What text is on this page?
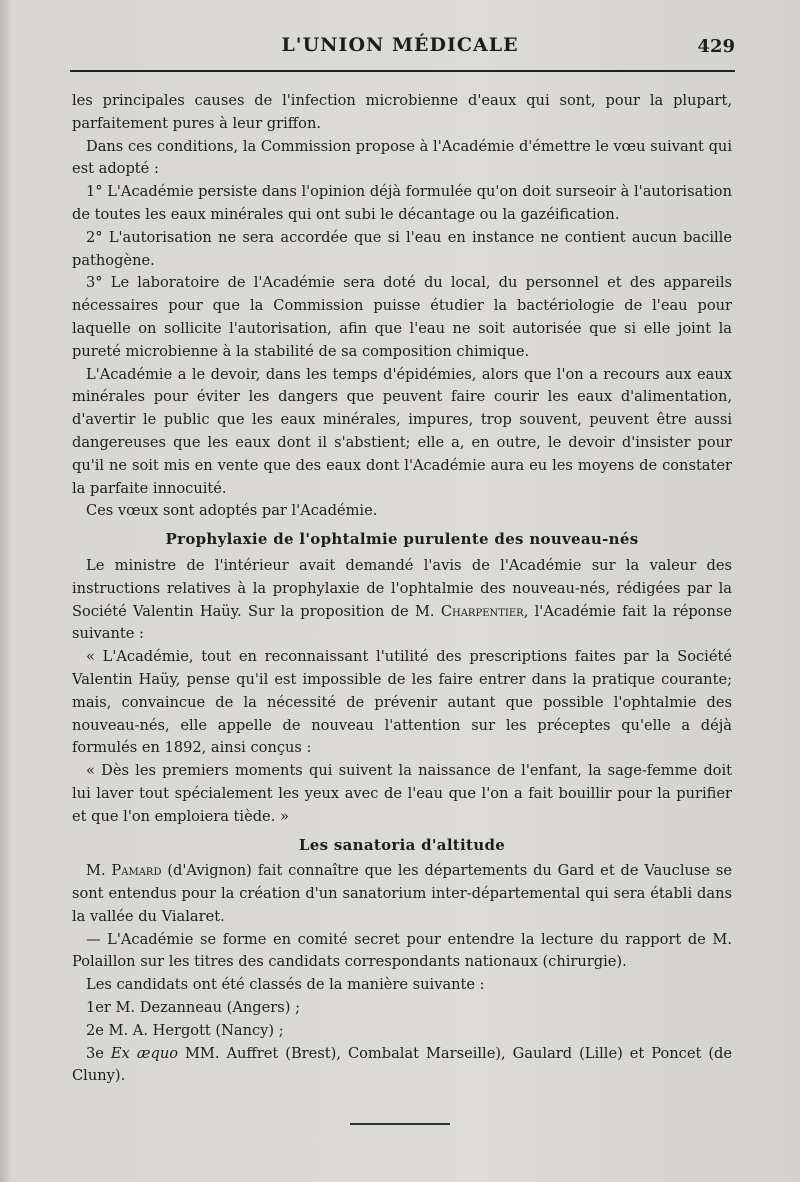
L'UNION MÉDICALE	429

les principales causes de l'infection microbienne d'eaux qui sont, pour la plupart, parfaitement pures à leur griffon.

Dans ces conditions, la Commission propose à l'Académie d'émettre le vœu suivant qui est adopté :

1° L'Académie persiste dans l'opinion déjà formulée qu'on doit surseoir à l'autorisation de toutes les eaux minérales qui ont subi le décantage ou la gazéification.

2° L'autorisation ne sera accordée que si l'eau en instance ne contient aucun bacille pathogène.

3° Le laboratoire de l'Académie sera doté du local, du personnel et des appareils nécessaires pour que la Commission puisse étudier la bactériologie de l'eau pour laquelle on sollicite l'autorisation, afin que l'eau ne soit autorisée que si elle joint la pureté microbienne à la stabilité de sa composition chimique.

L'Académie a le devoir, dans les temps d'épidémies, alors que l'on a recours aux eaux minérales pour éviter les dangers que peuvent faire courir les eaux d'alimentation, d'avertir le public que les eaux minérales, impures, trop souvent, peuvent être aussi dangereuses que les eaux dont il s'abstient; elle a, en outre, le devoir d'insister pour qu'il ne soit mis en vente que des eaux dont l'Académie aura eu les moyens de constater la parfaite innocuité.

Ces vœux sont adoptés par l'Académie.

Prophylaxie de l'ophtalmie purulente des nouveau-nés

Le ministre de l'intérieur avait demandé l'avis de l'Académie sur la valeur des instructions relatives à la prophylaxie de l'ophtalmie des nouveau-nés, rédigées par la Société Valentin Haüy. Sur la proposition de M. Charpentier, l'Académie fait la réponse suivante :

« L'Académie, tout en reconnaissant l'utilité des prescriptions faites par la Société Valentin Haüy, pense qu'il est impossible de les faire entrer dans la pratique courante; mais, convaincue de la nécessité de prévenir autant que possible l'ophtalmie des nouveau-nés, elle appelle de nouveau l'attention sur les préceptes qu'elle a déjà formulés en 1892, ainsi conçus :

« Dès les premiers moments qui suivent la naissance de l'enfant, la sage-femme doit lui laver tout spécialement les yeux avec de l'eau que l'on a fait bouillir pour la purifier et que l'on emploiera tiède. »

Les sanatoria d'altitude

M. Pamard (d'Avignon) fait connaître que les départements du Gard et de Vaucluse se sont entendus pour la création d'un sanatorium inter-départemental qui sera établi dans la vallée du Vialaret.

— L'Académie se forme en comité secret pour entendre la lecture du rapport de M. Polaillon sur les titres des candidats correspondants nationaux (chirurgie).

Les candidats ont été classés de la manière suivante :

1er M. Dezanneau (Angers) ;

2e M. A. Hergott (Nancy) ;

3e Ex æquo MM. Auffret (Brest), Combalat Marseille), Gaulard (Lille) et Poncet (de Cluny).
